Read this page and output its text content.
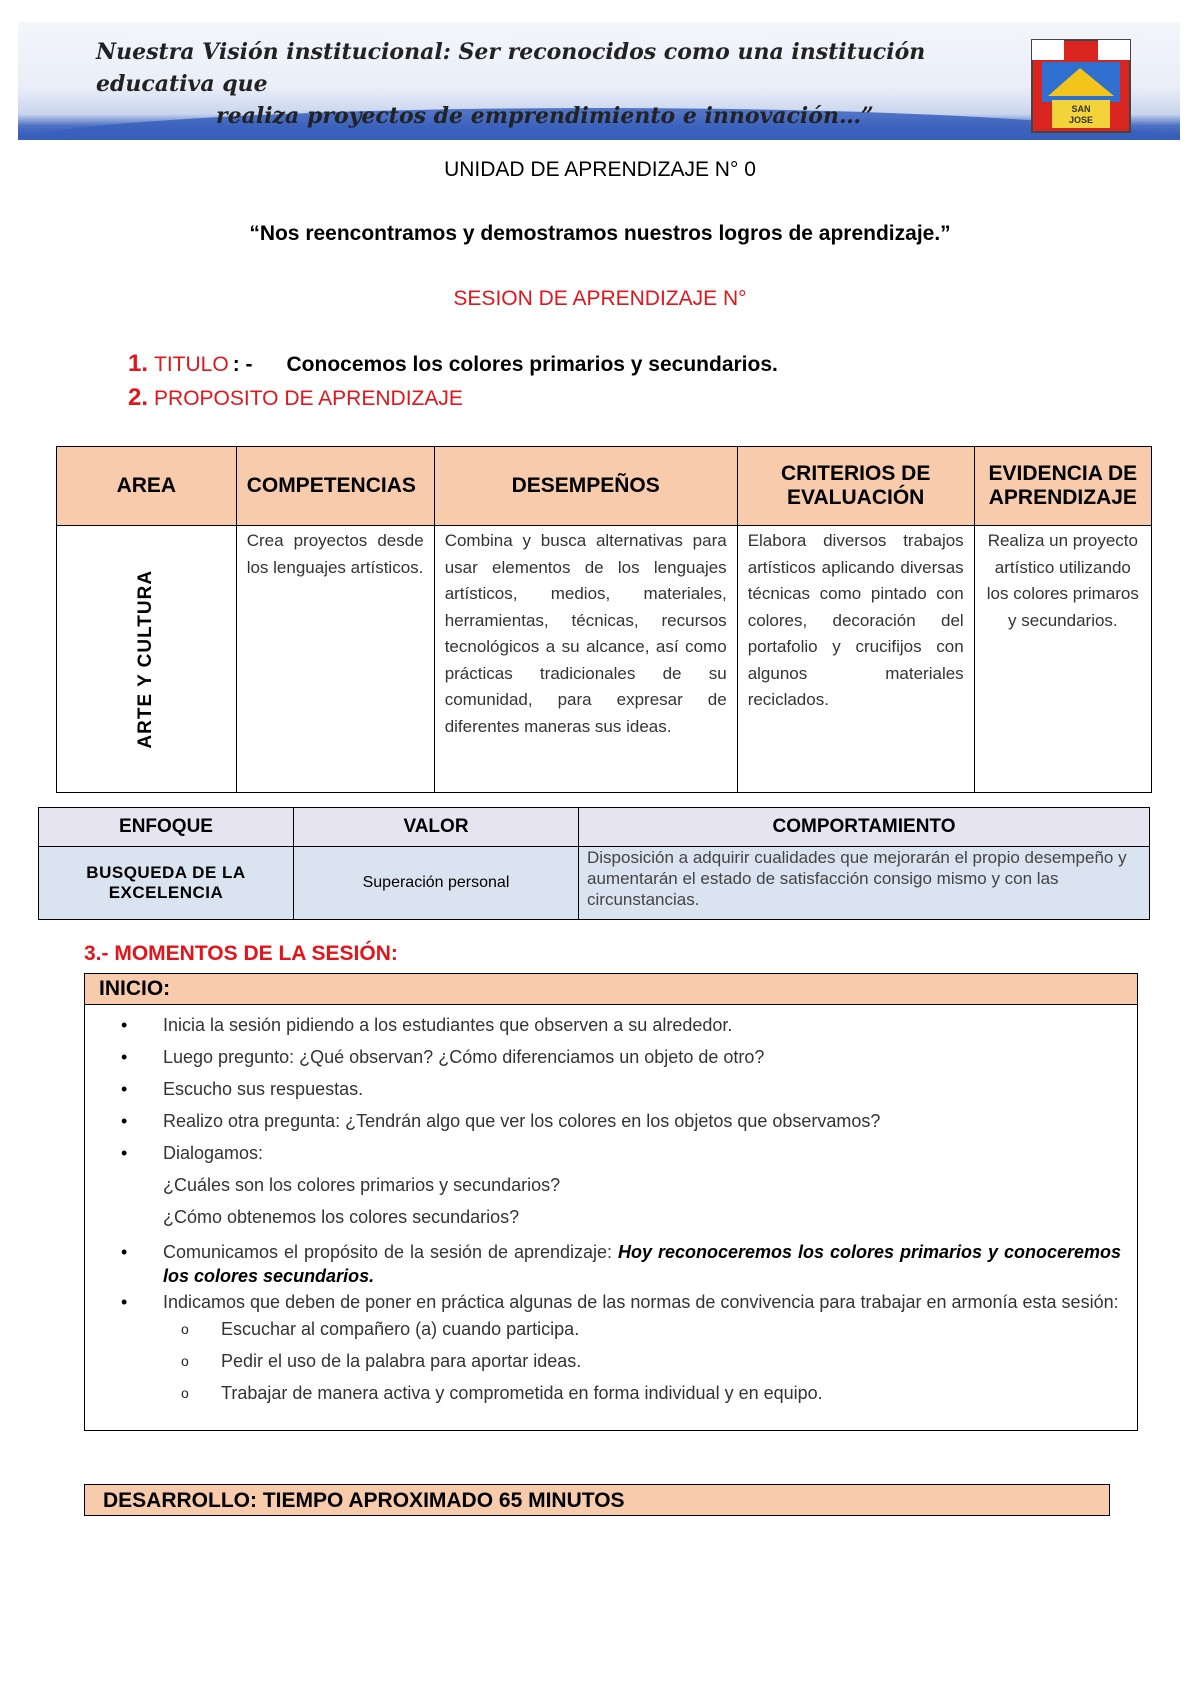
Nuestra Visión institucional: Ser reconocidos como una institución educativa que
realiza proyectos de emprendimiento e innovación…”	SAN
JOSE
UNIDAD DE APRENDIZAJE N° 0
“Nos reencontramos y demostramos nuestros logros de aprendizaje.”
SESION DE APRENDIZAJE N°
1. TITULO : - Conocemos los colores primarios y secundarios.
2. PROPOSITO DE APRENDIZAJE
AREA	COMPETENCIAS	DESEMPEÑOS	CRITERIOS DE EVALUACIÓN	EVIDENCIA DE APRENDIZAJE
ARTE Y CULTURA	Crea proyectos desde los lenguajes artísticos.	Combina y busca alternativas para usar elementos de los lenguajes artísticos, medios, materiales, herramientas, técnicas, recursos tecnológicos a su alcance, así como prácticas tradicionales de su comunidad, para expresar de diferentes maneras sus ideas.	Elabora diversos trabajos artísticos aplicando diversas técnicas como pintado con colores, decoración del portafolio y crucifijos con algunos materiales reciclados.	Realiza un proyecto artístico utilizando los colores primaros y secundarios.
ENFOQUE	VALOR	COMPORTAMIENTO
BUSQUEDA DE LA EXCELENCIA	Superación personal	Disposición a adquirir cualidades que mejorarán el propio desempeño y aumentarán el estado de satisfacción consigo mismo y con las circunstancias.
3.- MOMENTOS DE LA SESIÓN:
INICIO:
• Inicia la sesión pidiendo a los estudiantes que observen a su alrededor.
• Luego pregunto: ¿Qué observan? ¿Cómo diferenciamos un objeto de otro?
• Escucho sus respuestas.
• Realizo otra pregunta: ¿Tendrán algo que ver los colores en los objetos que observamos?
• Dialogamos:
¿Cuáles son los colores primarios y secundarios?
¿Cómo obtenemos los colores secundarios?
• Comunicamos el propósito de la sesión de aprendizaje: Hoy reconoceremos los colores primarios y conoceremos los colores secundarios.
• Indicamos que deben de poner en práctica algunas de las normas de convivencia para trabajar en armonía esta sesión:
o Escuchar al compañero (a) cuando participa.
o Pedir el uso de la palabra para aportar ideas.
o Trabajar de manera activa y comprometida en forma individual y en equipo.
DESARROLLO: TIEMPO APROXIMADO 65 MINUTOS
